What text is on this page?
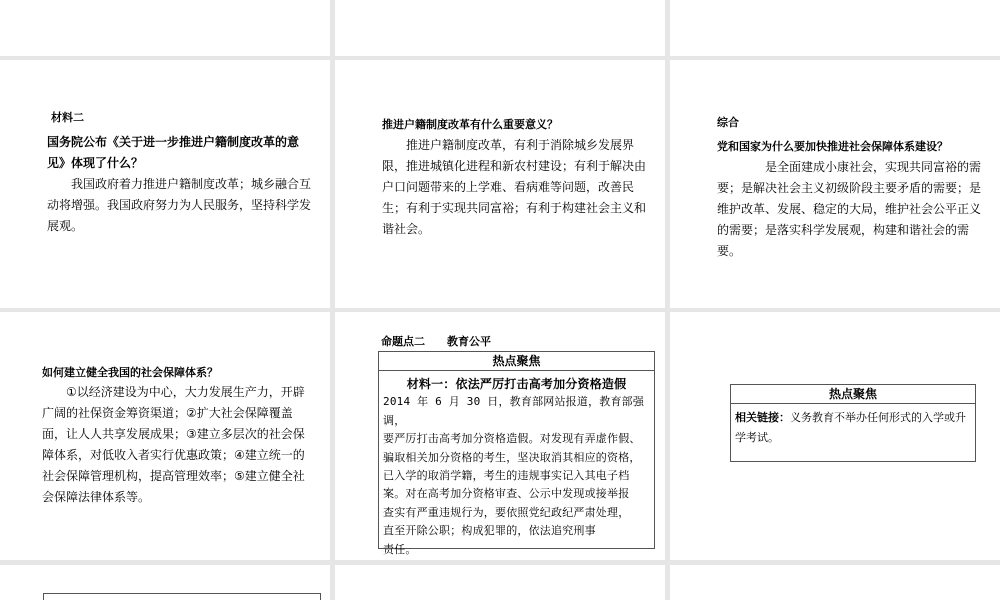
材料二
国务院公布《关于进一步推进户籍制度改革的意见》体现了什么？
我国政府着力推进户籍制度改革；城乡融合互动将增强。我国政府努力为人民服务，坚持科学发展观。
推进户籍制度改革有什么重要意义？
推进户籍制度改革，有利于消除城乡发展界限，推进城镇化进程和新农村建设；有利于解决由户口问题带来的上学难、看病难等问题，改善民生；有利于实现共同富裕；有利于构建社会主义和谐社会。
综合
党和国家为什么要加快推进社会保障体系建设？
是全面建成小康社会，实现共同富裕的需要；是解决社会主义初级阶段主要矛盾的需要；是维护改革、发展、稳定的大局，维护社会公平正义的需要；是落实科学发展观，构建和谐社会的需要。
如何建立健全我国的社会保障体系？
①以经济建设为中心，大力发展生产力，开辟广阔的社保资金筹资渠道；②扩大社会保障覆盖面，让人人共享发展成果；③建立多层次的社会保障体系，对低收入者实行优惠政策；④建立统一的社会保障管理机构，提高管理效率；⑤建立健全社会保障法律体系等。
命题点二　　教育公平
热点聚焦
材料一：依法严厉打击高考加分资格造假
2014 年 6 月 30 日，教育部网站报道，教育部强调，
要严厉打击高考加分资格造假。对发现有弄虚作假、
骗取相关加分资格的考生，坚决取消其相应的资格，
已入学的取消学籍，考生的违规事实记入其电子档
案。对在高考加分资格审查、公示中发现或接举报
查实有严重违规行为，要依照党纪政纪严肃处理，
直至开除公职；构成犯罪的，依法追究刑事
责任。
热点聚焦
相关链接：义务教育不举办任何形式的入学或升学考试。
